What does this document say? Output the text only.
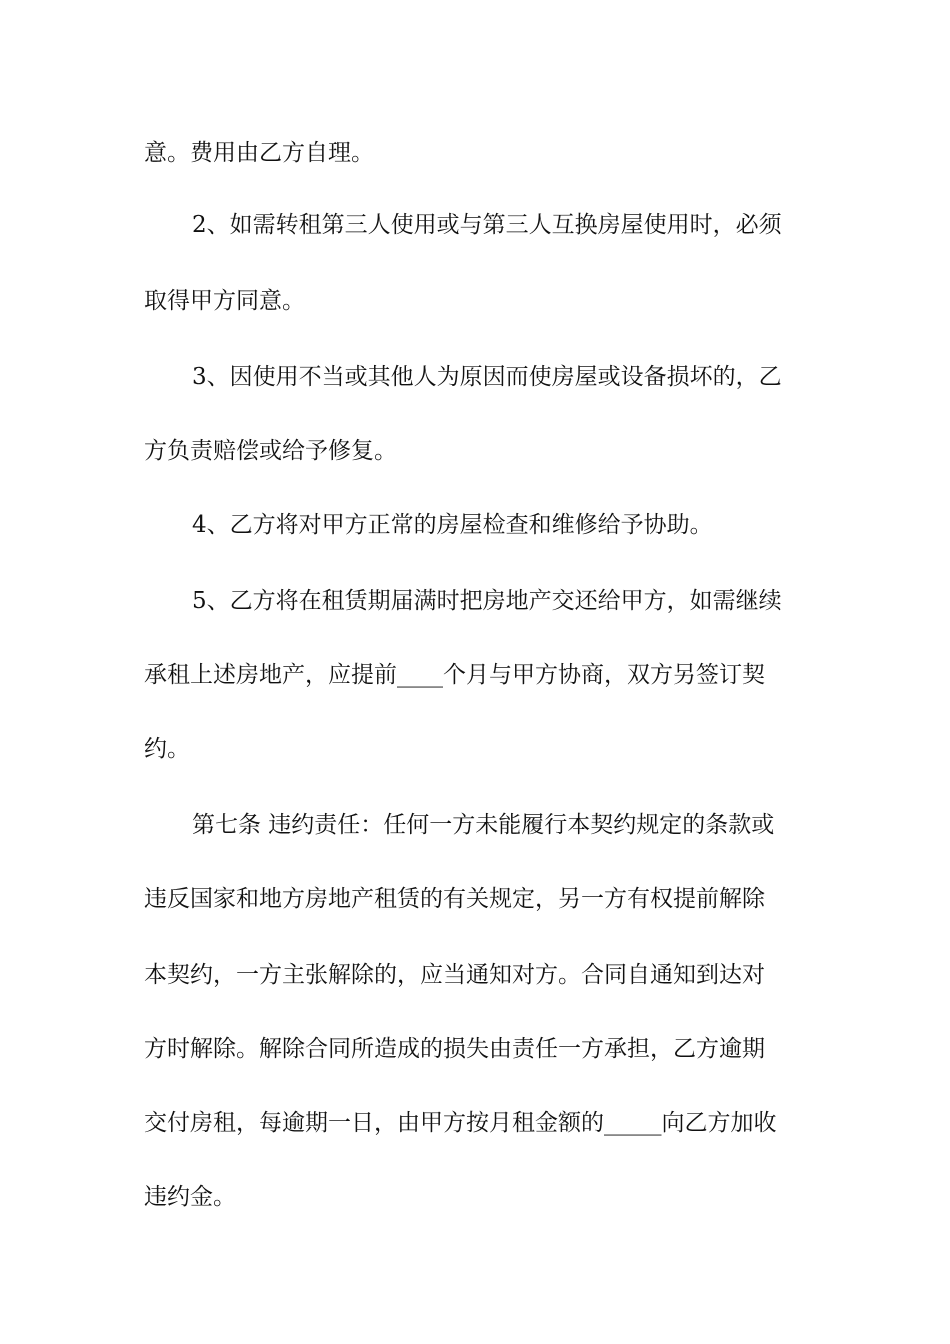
意。费用由乙方自理。
2、如需转租第三人使用或与第三人互换房屋使用时，必须
取得甲方同意。
3、因使用不当或其他人为原因而使房屋或设备损坏的，乙
方负责赔偿或给予修复。
4、乙方将对甲方正常的房屋检查和维修给予协助。
5、乙方将在租赁期届满时把房地产交还给甲方，如需继续
承租上述房地产，应提前____个月与甲方协商，双方另签订契
约。
第七条 违约责任：任何一方未能履行本契约规定的条款或
违反国家和地方房地产租赁的有关规定，另一方有权提前解除
本契约，一方主张解除的，应当通知对方。合同自通知到达对
方时解除。解除合同所造成的损失由责任一方承担，乙方逾期
交付房租，每逾期一日，由甲方按月租金额的_____向乙方加收
违约金。
